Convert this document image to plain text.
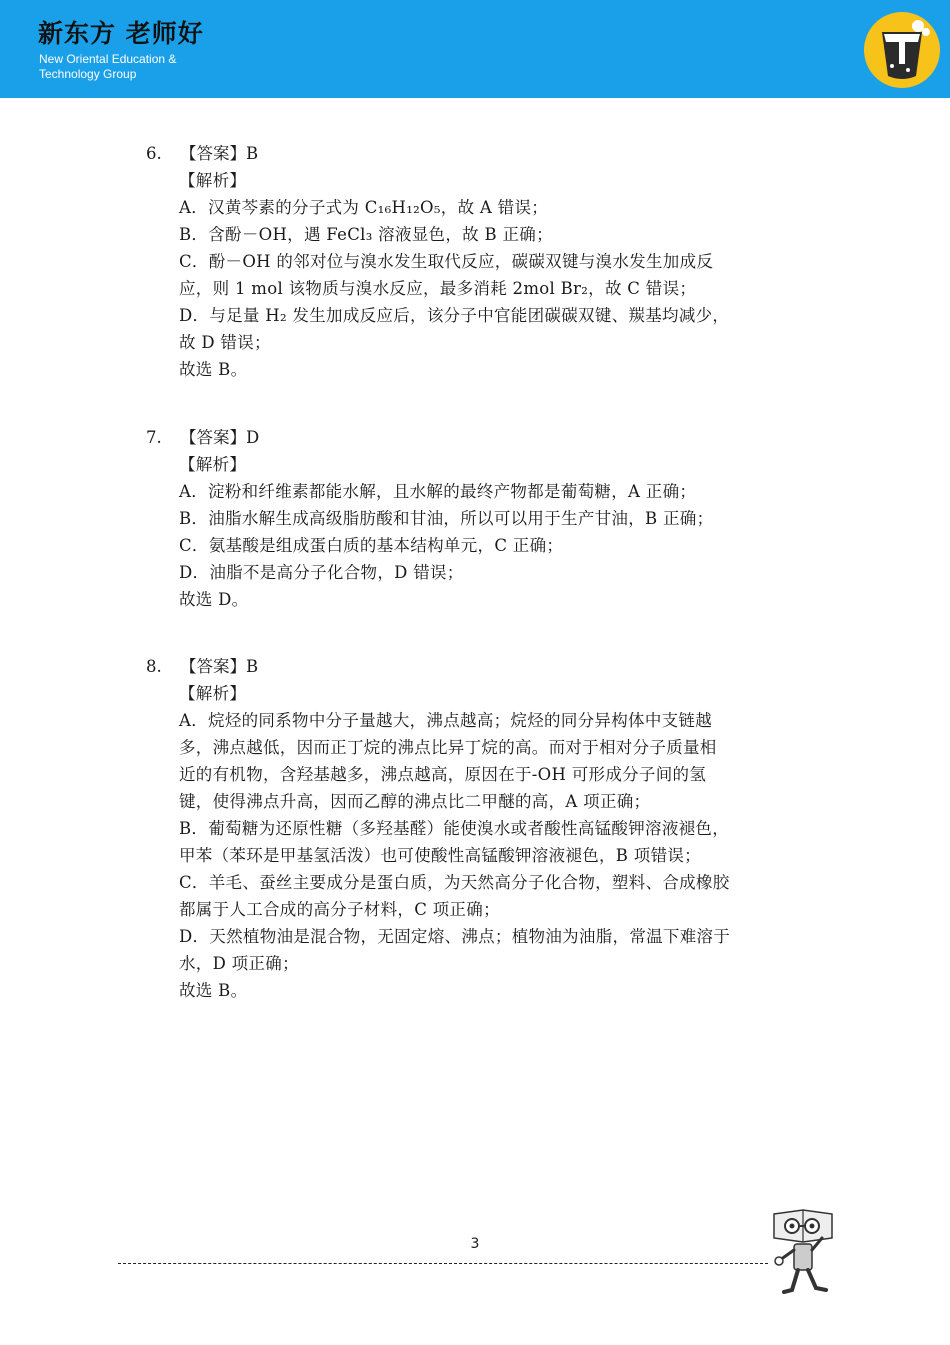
新东方 老师好
New Oriental Education &
Technology Group
6. 【答案】B
【解析】
A．汉黄芩素的分子式为 C₁₆H₁₂O₅，故 A 错误；
B．含酚－OH，遇 FeCl₃ 溶液显色，故 B 正确；
C．酚－OH 的邻对位与溴水发生取代反应，碳碳双键与溴水发生加成反
应，则 1 mol 该物质与溴水反应，最多消耗 2mol Br₂，故 C 错误；
D．与足量 H₂ 发生加成反应后，该分子中官能团碳碳双键、羰基均减少，
故 D 错误；
故选 B。
7. 【答案】D
【解析】
A．淀粉和纤维素都能水解，且水解的最终产物都是葡萄糖，A 正确；
B．油脂水解生成高级脂肪酸和甘油，所以可以用于生产甘油，B 正确；
C．氨基酸是组成蛋白质的基本结构单元，C 正确；
D．油脂不是高分子化合物，D 错误；
故选 D。
8. 【答案】B
【解析】
A．烷烃的同系物中分子量越大，沸点越高；烷烃的同分异构体中支链越
多，沸点越低，因而正丁烷的沸点比异丁烷的高。而对于相对分子质量相
近的有机物，含羟基越多，沸点越高，原因在于-OH 可形成分子间的氢
键，使得沸点升高，因而乙醇的沸点比二甲醚的高，A 项正确；
B．葡萄糖为还原性糖（多羟基醛）能使溴水或者酸性高锰酸钾溶液褪色，
甲苯（苯环是甲基氢活泼）也可使酸性高锰酸钾溶液褪色，B 项错误；
C．羊毛、蚕丝主要成分是蛋白质，为天然高分子化合物，塑料、合成橡胶
都属于人工合成的高分子材料，C 项正确；
D．天然植物油是混合物，无固定熔、沸点；植物油为油脂，常温下难溶于
水，D 项正确；
故选 B。
3
